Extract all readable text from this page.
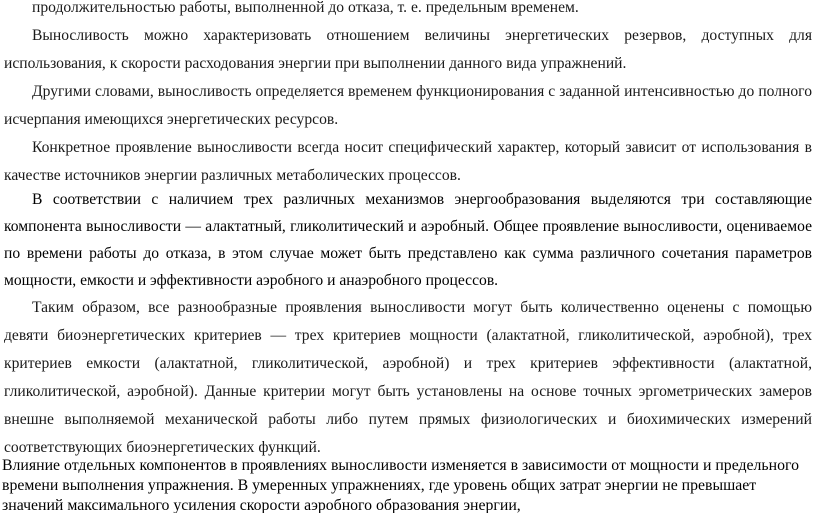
продолжительностью работы, выполненной до отказа, т. е. предельным временем.

Выносливость можно характеризовать отношением величины энергетических резервов, доступных для использования, к скорости расходования энергии при выполнении данного вида упражнений.

Другими словами, выносливость определяется временем функционирования с заданной интенсивностью до полного исчерпания имеющихся энергетических ресурсов.

Конкретное проявление выносливости всегда носит специфический характер, который зависит от использования в качестве источников энергии различных метаболических процессов.

В соответствии с наличием трех различных механизмов энергообразования выделяются три составляющие компонента выносливости — алактатный, гликолитический и аэробный. Общее проявление выносливости, оцениваемое по времени работы до отказа, в этом случае может быть представлено как сумма различного сочетания параметров мощности, емкости и эффективности аэробного и анаэробного процессов.

Таким образом, все разнообразные проявления выносливости могут быть количественно оценены с помощью девяти биоэнергетических критериев — трех критериев мощности (алактатной, гликолитической, аэробной), трех критериев емкости (алактатной, гликолитической, аэробной) и трех критериев эффективности (алактатной, гликолитической, аэробной). Данные критерии могут быть установлены на основе точных эргометрических замеров внешне выполняемой механической работы либо путем прямых физиологических и биохимических измерений соответствующих биоэнергетических функций.

Влияние отдельных компонентов в проявлениях выносливости изменяется в зависимости от мощности и предельного времени выполнения упражнения. В умеренных упражнениях, где уровень общих затрат энергии не превышает значений максимального усиления скорости аэробного образования энергии,
